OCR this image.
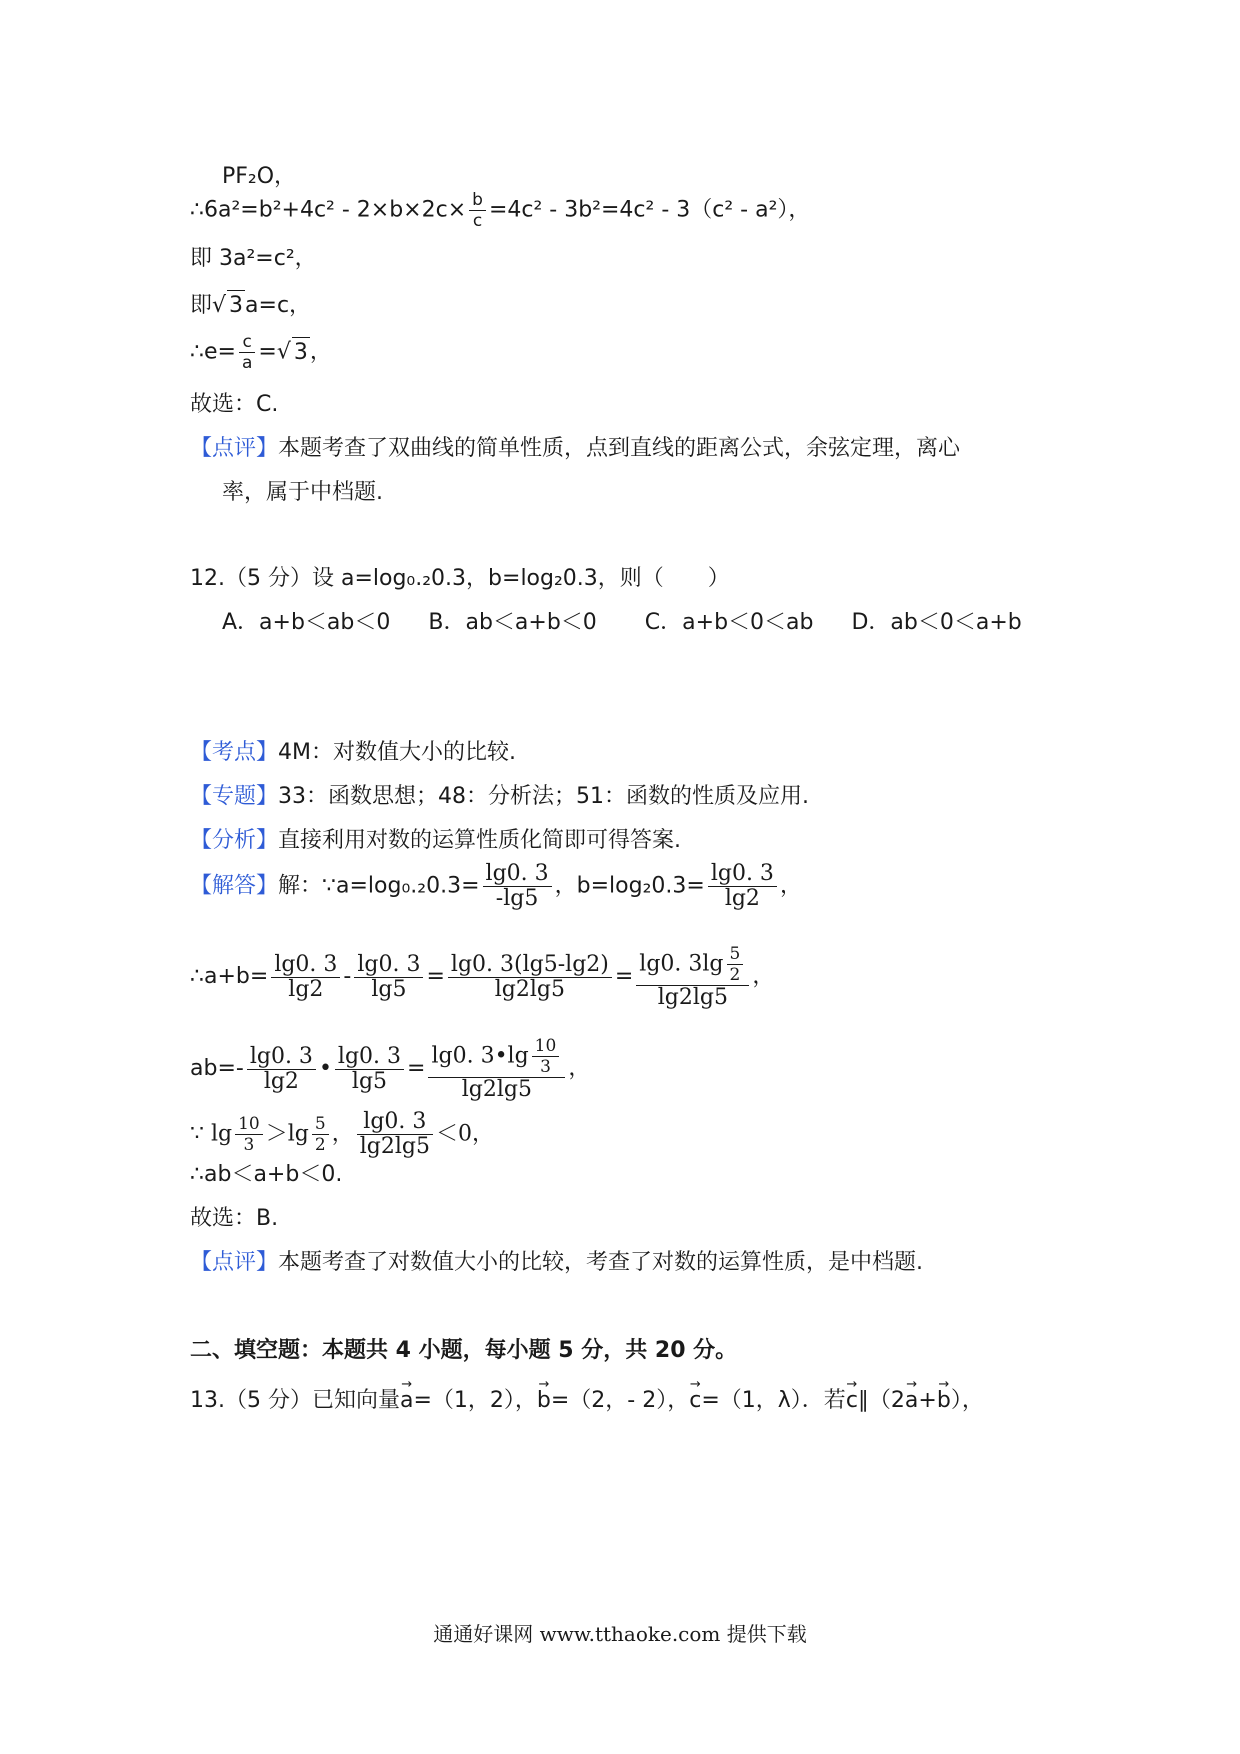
PF₂O，
∴6a²=b²+4c² - $2\times b\times 2c\times \frac{b}{c} =4c^2 - 3b^2=4c^2 - 3(c^2 - a^2)$，
即 3a²=c²，
即√ 3a=c，
∴e= $\frac{c}{a}$ =√ 3，
故选：C.
【点评】本题考查了双曲线的简单性质，点到直线的距离公式，余弦定理，离心
率，属于中档题.
12.（5 分）设 a=log₀.₂0.3，b=log₂0.3，则（　　）
A．a+b＜ab＜0 B．ab＜a+b＜0 C．a+b＜0＜ab D．ab＜0＜a+b
【考点】4M：对数值大小的比较.
【专题】33：函数思想；48：分析法；51：函数的性质及应用.
【分析】直接利用对数的运算性质化简即可得答案.
【解答】解：∵a=log₀.₂0.3= $\frac{\lg 0. 3}{-\lg 5}$ ，$b=\log_20.3= \frac{\lg 0. 3}{\lg 2}$ ，
∴a+b= $\frac{\lg 0. 3}{\lg 2} - \frac{\lg 0. 3}{\lg 5} = \frac{\lg 0. 3(\lg 5-\lg 2)}{\lg 2\lg 5} = \frac{\lg 0. 3\lg \frac{5}{2}}{\lg 2\lg 5}$ ，
$ab=- \frac{\lg 0. 3}{\lg 2}$ • $\frac{\lg 0. 3}{\lg 5} = \frac{\lg 0. 3•\lg \frac{10}{3}}{\lg 2\lg 5}$ ，
∵ $\lg \frac{10}{3} >\lg \frac{5}{2}$ ， $\frac{\lg 0. 3}{\lg 2\lg 5} <0$，
∴ab＜a+b＜0.
故选：B.
【点评】本题考查了对数值大小的比较，考查了对数的运算性质，是中档题.
二、填空题：本题共 4 小题，每小题 5 分，共 20 分。
13.（5 分）已知向量→ a=（1，2），→ b=（2，- 2），→ c=（1，λ）．若→ c∥（2→ a+→ b），
通通好课网 www.tthaoke.com 提供下载
